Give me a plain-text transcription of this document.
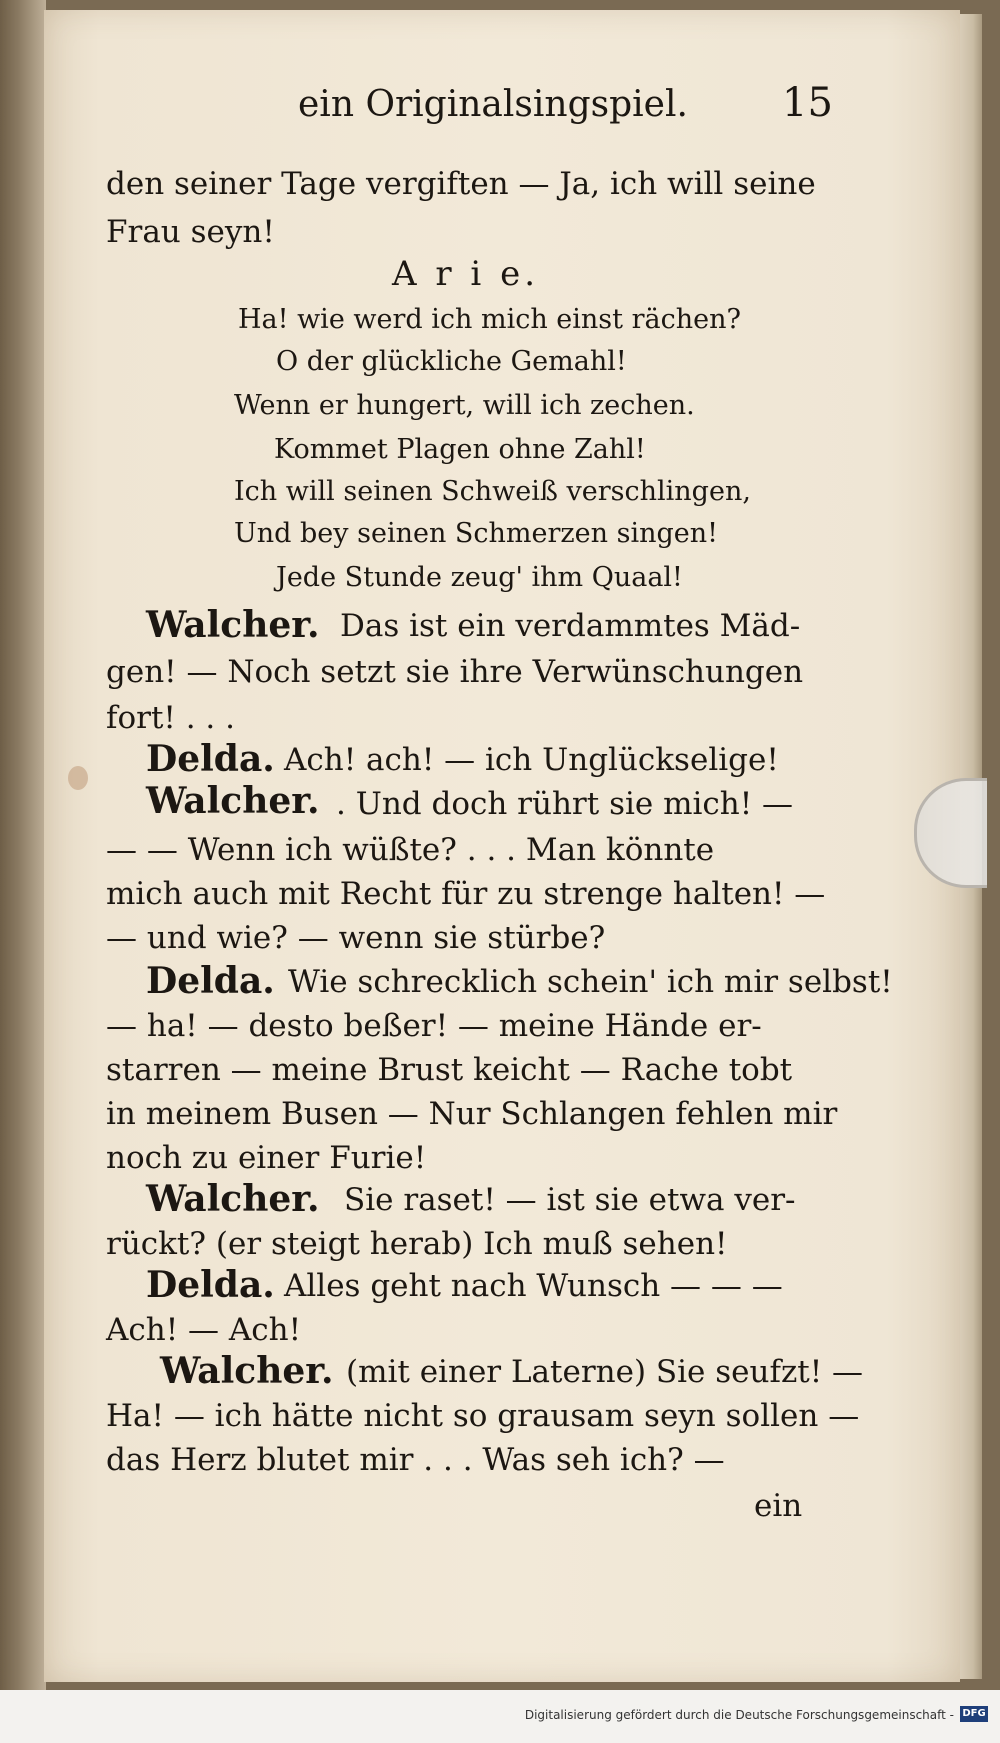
ein Originalsingspiel. 15
den seiner Tage vergiften — Ja, ich will seine
Frau seyn!
A r i e.
Ha! wie werd ich mich einst rächen?
O der glückliche Gemahl!
Wenn er hungert, will ich zechen.
Kommet Plagen ohne Zahl!
Ich will seinen Schweiß verschlingen,
Und bey seinen Schmerzen singen!
Jede Stunde zeug' ihm Quaal!
Walcher. Das ist ein verdammtes Mäd-
gen! — Noch setzt sie ihre Verwünschungen
fort! . . .
Delda. Ach! ach! — ich Unglückselige!
Walcher. . Und doch rührt sie mich! —
— — Wenn ich wüßte? . . . Man könnte
mich auch mit Recht für zu strenge halten! —
— und wie? — wenn sie stürbe?
Delda. Wie schrecklich schein' ich mir selbst!
— ha! — desto beßer! — meine Hände er-
starren — meine Brust keicht — Rache tobt
in meinem Busen — Nur Schlangen fehlen mir
noch zu einer Furie!
Walcher. Sie raset! — ist sie etwa ver-
rückt? (er steigt herab) Ich muß sehen!
Delda. Alles geht nach Wunsch — — —
Ach! — Ach!
Walcher. (mit einer Laterne) Sie seufzt! —
Ha! — ich hätte nicht so grausam seyn sollen —
das Herz blutet mir . . . Was seh ich? —
ein
Digitalisierung gefördert durch die Deutsche Forschungsgemeinschaft - DFG
